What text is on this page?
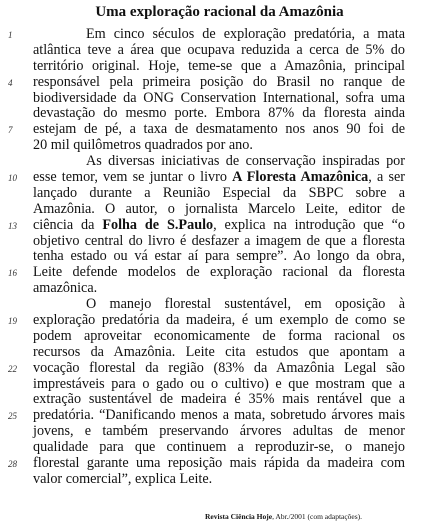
Uma exploração racional da Amazônia
1	Em cinco séculos de exploração predatória, a mata
atlântica teve a área que ocupava reduzida a cerca de 5% do
território original. Hoje, teme-se que a Amazônia, principal
4 responsável pela primeira posição do Brasil no ranque de
biodiversidade da ONG Conservation International, sofra uma
devastação do mesmo porte. Embora 87% da floresta ainda
7 estejam de pé, a taxa de desmatamento nos anos 90 foi de
20 mil quilômetros quadrados por ano.
As diversas iniciativas de conservação inspiradas por
10 esse temor, vem se juntar o livro A Floresta Amazônica, a ser
lançado durante a Reunião Especial da SBPC sobre a
Amazônia. O autor, o jornalista Marcelo Leite, editor de
13 ciência da Folha de S.Paulo, explica na introdução que “o
objetivo central do livro é desfazer a imagem de que a floresta
tenha estado ou vá estar aí para sempre”. Ao longo da obra,
16 Leite defende modelos de exploração racional da floresta
amazônica.
O manejo florestal sustentável, em oposição à
19 exploração predatória da madeira, é um exemplo de como se
podem aproveitar economicamente de forma racional os
recursos da Amazônia. Leite cita estudos que apontam a
22 vocação florestal da região (83% da Amazônia Legal são
imprestáveis para o gado ou o cultivo) e que mostram que a
extração sustentável de madeira é 35% mais rentável que a
25 predatória. “Danificando menos a mata, sobretudo árvores mais
jovens, e também preservando árvores adultas de menor
qualidade para que continuem a reproduzir-se, o manejo
28 florestal garante uma reposição mais rápida da madeira com
valor comercial”, explica Leite.
Revista Ciência Hoje, Abr./2001 (com adaptações).
